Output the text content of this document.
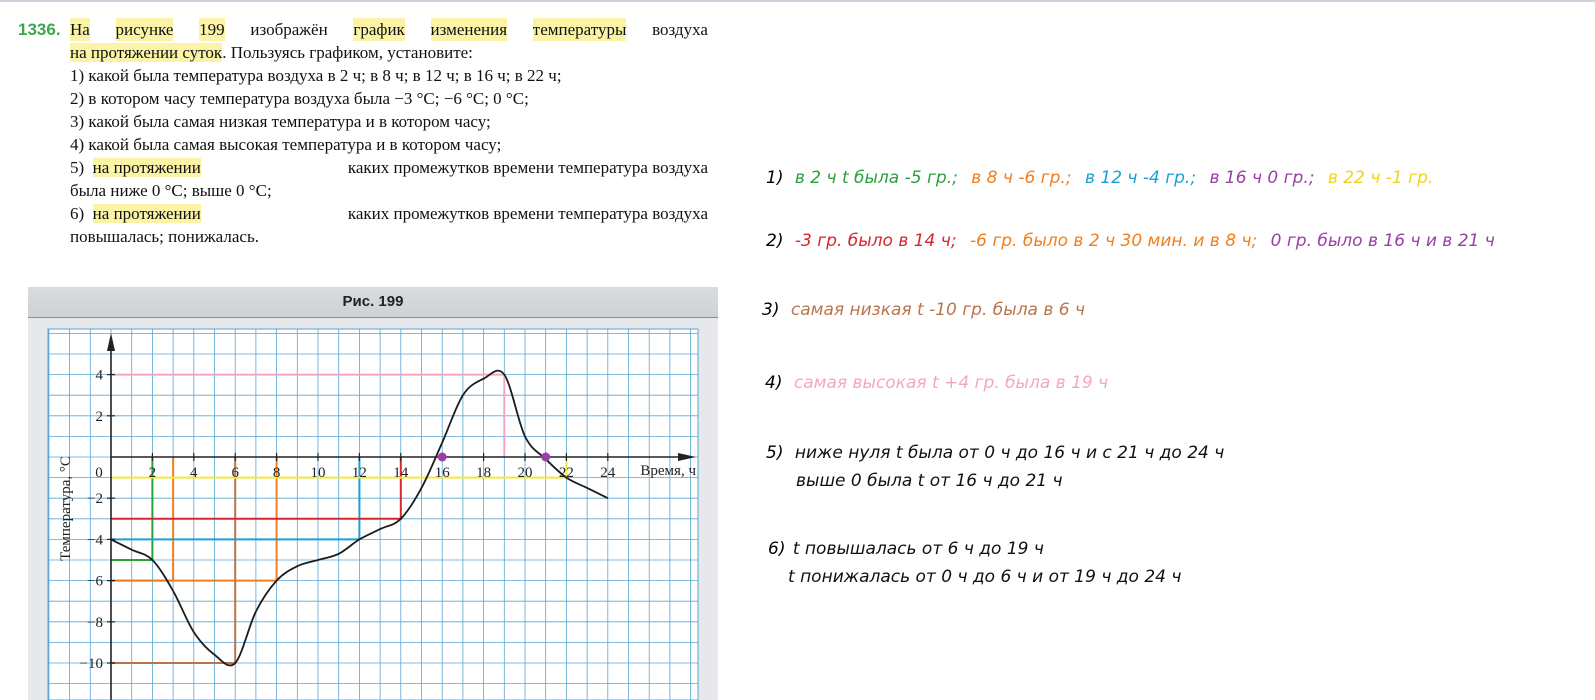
1336. На рисунке 199 изображён график изменения температуры воздуха
на протяжении суток. Пользуясь графиком, установите:
1) какой была температура воздуха в 2 ч; в 8 ч; в 12 ч; в 16 ч; в 22 ч;
2) в котором часу температура воздуха была −3 °С; −6 °С; 0 °С;
3) какой была самая низкая температура и в котором часу;
4) какой была самая высокая температура и в котором часу;
5) на протяжении	каких промежутков времени температура воздуха
была ниже 0 °С; выше 0 °С;
6) на протяжении	каких промежутков времени температура воздуха
повышалась; понижалась.
Рис. 199
0	2 4 6 8 10 12 14 16 18 20 22 24
4
2
−2
−4
−6
−8
−10
Время, ч
Температура, °С
1) в 2 ч t была -5 гр.; в 8 ч -6 гр.; в 12 ч -4 гр.; в 16 ч 0 гр.; в 22 ч -1 гр.
2) -3 гр. было в 14 ч; -6 гр. было в 2 ч 30 мин. и в 8 ч; 0 гр. было в 16 ч и в 21 ч
3) самая низкая t -10 гр. была в 6 ч
4) самая высокая t +4 гр. была в 19 ч
5) ниже нуля t была от 0 ч до 16 ч и с 21 ч до 24 ч
выше 0 была t от 16 ч до 21 ч
6) t повышалась от 6 ч до 19 ч
t понижалась от 0 ч до 6 ч и от 19 ч до 24 ч
